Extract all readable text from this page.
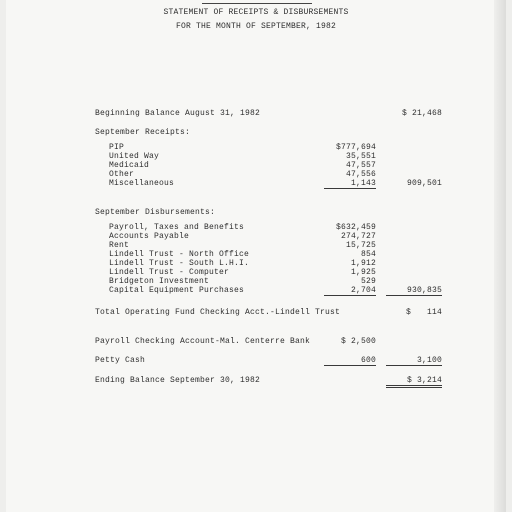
STATEMENT OF RECEIPTS & DISBURSEMENTS
FOR THE MONTH OF SEPTEMBER, 1982
Beginning Balance August 31, 1982	$ 21,468
September Receipts:
PIP	$777,694
United Way	35,551
Medicaid	47,557
Other	47,556
Miscellaneous	1,143	909,501
September Disbursements:
Payroll, Taxes and Benefits	$632,459
Accounts Payable	274,727
Rent	15,725
Lindell Trust - North Office	854
Lindell Trust - South L.H.I.	1,912
Lindell Trust - Computer	1,925
Bridgeton Investment	529
Capital Equipment Purchases	2,704	930,835
Total Operating Fund Checking Acct.-Lindell Trust	$	114
Payroll Checking Account-Mal. Centerre Bank	$ 2,500
Petty Cash	600	3,100
Ending Balance September 30, 1982	$ 3,214
